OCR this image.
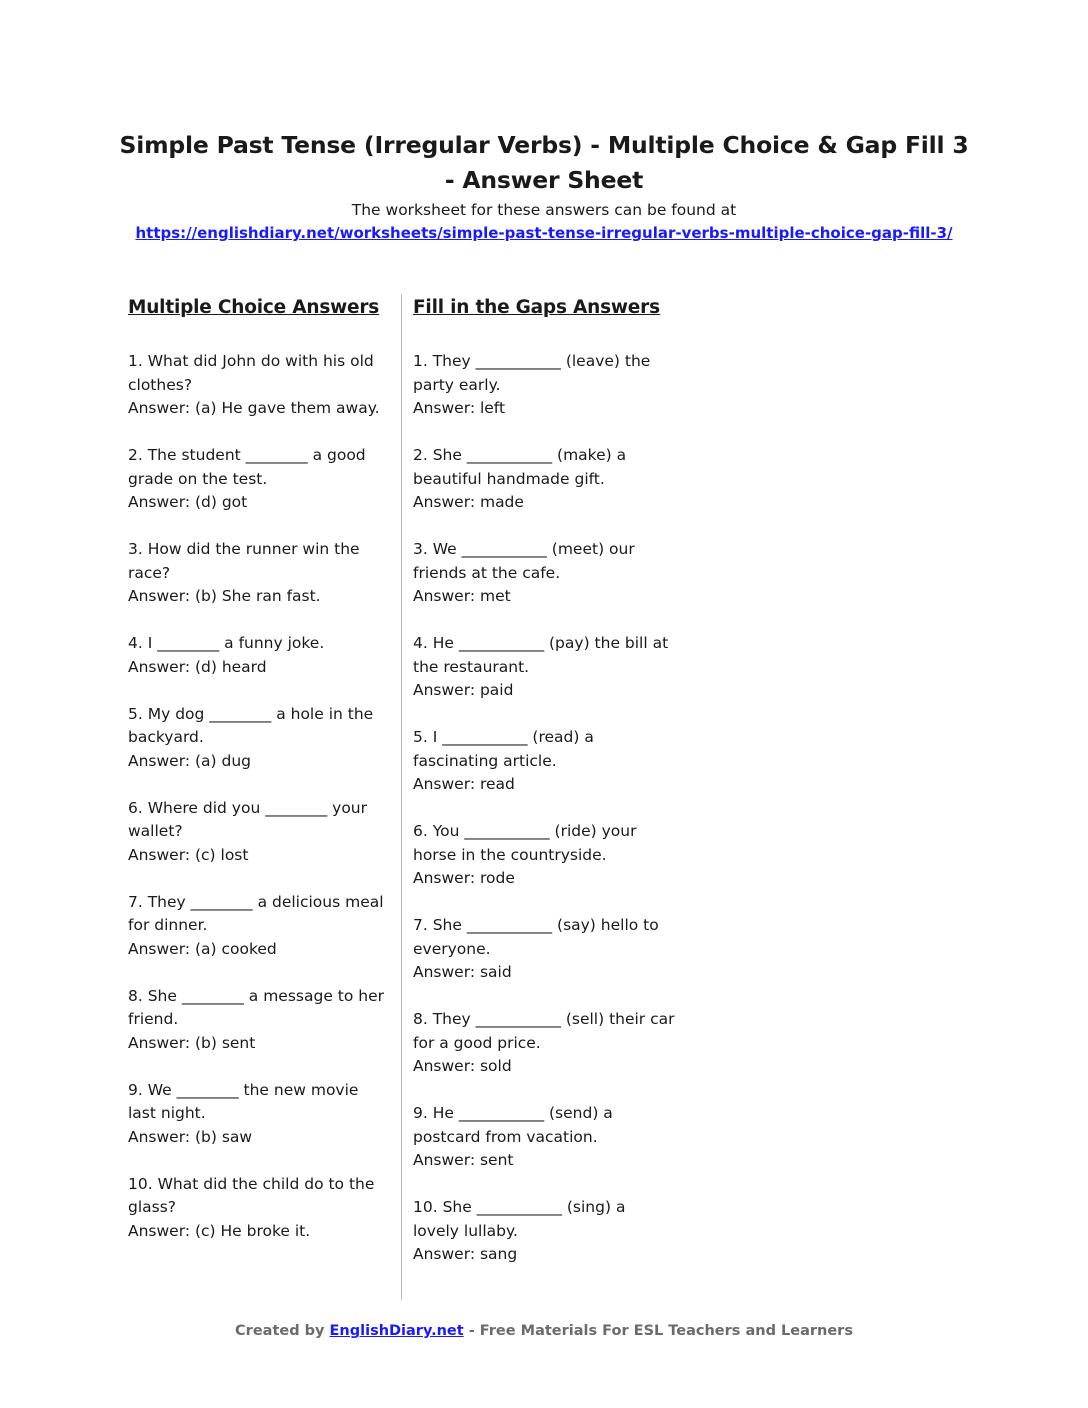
Simple Past Tense (Irregular Verbs) - Multiple Choice & Gap Fill 3
- Answer Sheet
The worksheet for these answers can be found at
https://englishdiary.net/worksheets/simple-past-tense-irregular-verbs-multiple-choice-gap-fill-3/
Multiple Choice Answers

1. What did John do with his old clothes?

Answer: (a) He gave them away.

2. The student ________ a good grade on the test.

Answer: (d) got

3. How did the runner win the race?

Answer: (b) She ran fast.

4. I ________ a funny joke.

Answer: (d) heard

5. My dog ________ a hole in the backyard.

Answer: (a) dug

6. Where did you ________ your wallet?

Answer: (c) lost

7. They ________ a delicious meal for dinner.

Answer: (a) cooked

8. She ________ a message to her friend.

Answer: (b) sent

9. We ________ the new movie last night.

Answer: (b) saw

10. What did the child do to the glass?

Answer: (c) He broke it.

Fill in the Gaps Answers

1. They ___________ (leave) the party early.

Answer: left

2. She ___________ (make) a beautiful handmade gift.

Answer: made

3. We ___________ (meet) our friends at the cafe.

Answer: met

4. He ___________ (pay) the bill at the restaurant.

Answer: paid

5. I ___________ (read) a fascinating article.

Answer: read

6. You ___________ (ride) your horse in the countryside.

Answer: rode

7. She ___________ (say) hello to everyone.

Answer: said

8. They ___________ (sell) their car for a good price.

Answer: sold

9. He ___________ (send) a postcard from vacation.

Answer: sent

10. She ___________ (sing) a lovely lullaby.

Answer: sang

Created by EnglishDiary.net - Free Materials For ESL Teachers and Learners
